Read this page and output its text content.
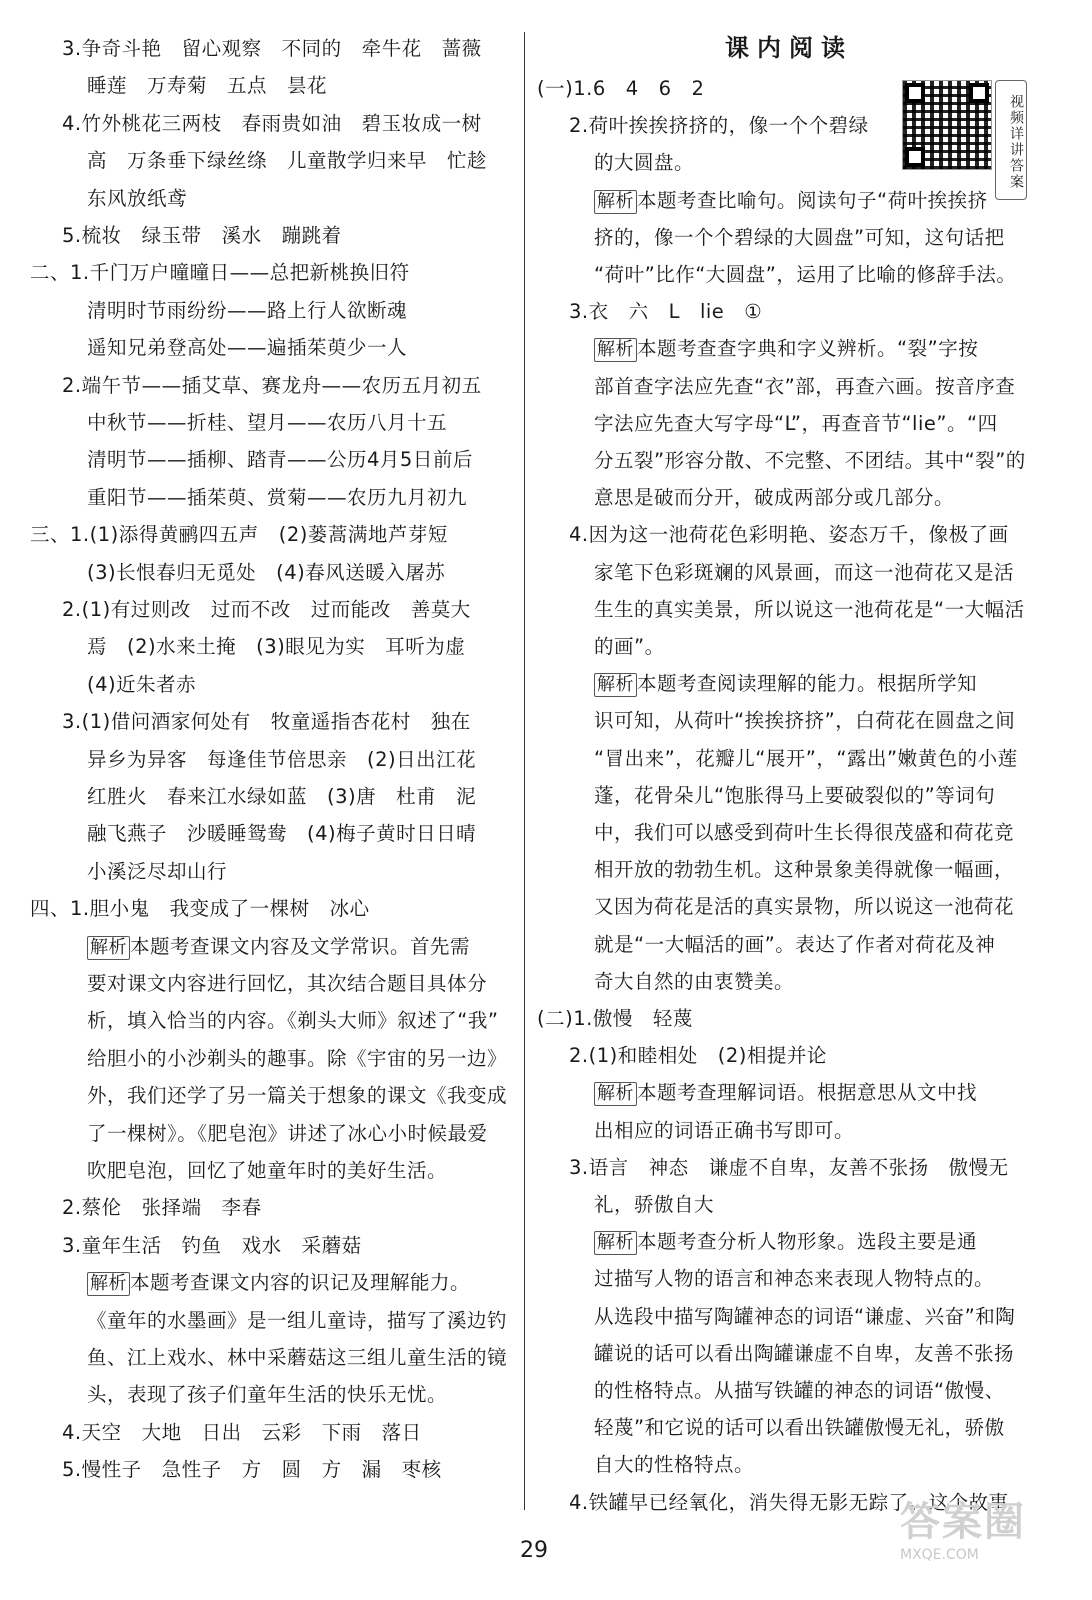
3.争奇斗艳　留心观察　不同的　牵牛花　蔷薇
睡莲　万寿菊　五点　昙花
4.竹外桃花三两枝　春雨贵如油　碧玉妆成一树
高　万条垂下绿丝绦　儿童散学归来早　忙趁
东风放纸鸢
5.梳妆　绿玉带　溪水　蹦跳着
二、1.千门万户曈曈日——总把新桃换旧符
清明时节雨纷纷——路上行人欲断魂
遥知兄弟登高处——遍插茱萸少一人
2.端午节——插艾草、赛龙舟——农历五月初五
中秋节——折桂、望月——农历八月十五
清明节——插柳、踏青——公历4月5日前后
重阳节——插茱萸、赏菊——农历九月初九
三、1.(1)添得黄鹂四五声　(2)蒌蒿满地芦芽短
(3)长恨春归无觅处　(4)春风送暖入屠苏
2.(1)有过则改　过而不改　过而能改　善莫大
焉　(2)水来土掩　(3)眼见为实　耳听为虚
(4)近朱者赤
3.(1)借问酒家何处有　牧童遥指杏花村　独在
异乡为异客　每逢佳节倍思亲　(2)日出江花
红胜火　春来江水绿如蓝　(3)唐　杜甫　泥
融飞燕子　沙暖睡鸳鸯　(4)梅子黄时日日晴
小溪泛尽却山行
四、1.胆小鬼　我变成了一棵树　冰心
解析 本题考查课文内容及文学常识。首先需
要对课文内容进行回忆，其次结合题目具体分
析，填入恰当的内容。《剃头大师》叙述了“我”
给胆小的小沙剃头的趣事。除《宇宙的另一边》
外，我们还学了另一篇关于想象的课文《我变成
了一棵树》。《肥皂泡》讲述了冰心小时候最爱
吹肥皂泡，回忆了她童年时的美好生活。
2.蔡伦　张择端　李春
3.童年生活　钓鱼　戏水　采蘑菇
解析 本题考查课文内容的识记及理解能力。
《童年的水墨画》是一组儿童诗，描写了溪边钓
鱼、江上戏水、林中采蘑菇这三组儿童生活的镜
头，表现了孩子们童年生活的快乐无忧。
4.天空　大地　日出　云彩　下雨　落日
5.慢性子　急性子　方　圆　方　漏　枣核
课内阅读
视频详讲答案
(一)1.6　4　6　2
2.荷叶挨挨挤挤的，像一个个碧绿
的大圆盘。
解析 本题考查比喻句。阅读句子“荷叶挨挨挤
挤的，像一个个碧绿的大圆盘”可知，这句话把
“荷叶”比作“大圆盘”，运用了比喻的修辞手法。
3.衣　六　L　lie　①
解析 本题考查查字典和字义辨析。“裂”字按
部首查字法应先查“衣”部，再查六画。按音序查
字法应先查大写字母“L”，再查音节“lie”。“四
分五裂”形容分散、不完整、不团结。其中“裂”的
意思是破而分开，破成两部分或几部分。
4.因为这一池荷花色彩明艳、姿态万千，像极了画
家笔下色彩斑斓的风景画，而这一池荷花又是活
生生的真实美景，所以说这一池荷花是“一大幅活
的画”。
解析 本题考查阅读理解的能力。根据所学知
识可知，从荷叶“挨挨挤挤”，白荷花在圆盘之间
“冒出来”，花瓣儿“展开”，“露出”嫩黄色的小莲
蓬，花骨朵儿“饱胀得马上要破裂似的”等词句
中，我们可以感受到荷叶生长得很茂盛和荷花竞
相开放的勃勃生机。这种景象美得就像一幅画，
又因为荷花是活的真实景物，所以说这一池荷花
就是“一大幅活的画”。表达了作者对荷花及神
奇大自然的由衷赞美。
(二)1.傲慢　轻蔑
2.(1)和睦相处　(2)相提并论
解析 本题考查理解词语。根据意思从文中找
出相应的词语正确书写即可。
3.语言　神态　谦虚不自卑，友善不张扬　傲慢无
礼，骄傲自大
解析 本题考查分析人物形象。选段主要是通
过描写人物的语言和神态来表现人物特点的。
从选段中描写陶罐神态的词语“谦虚、兴奋”和陶
罐说的话可以看出陶罐谦虚不自卑，友善不张扬
的性格特点。从描写铁罐的神态的词语“傲慢、
轻蔑”和它说的话可以看出铁罐傲慢无礼，骄傲
自大的性格特点。
4.铁罐早已经氧化，消失得无影无踪了。这个故事
29
答案圈
MXQE.COM
